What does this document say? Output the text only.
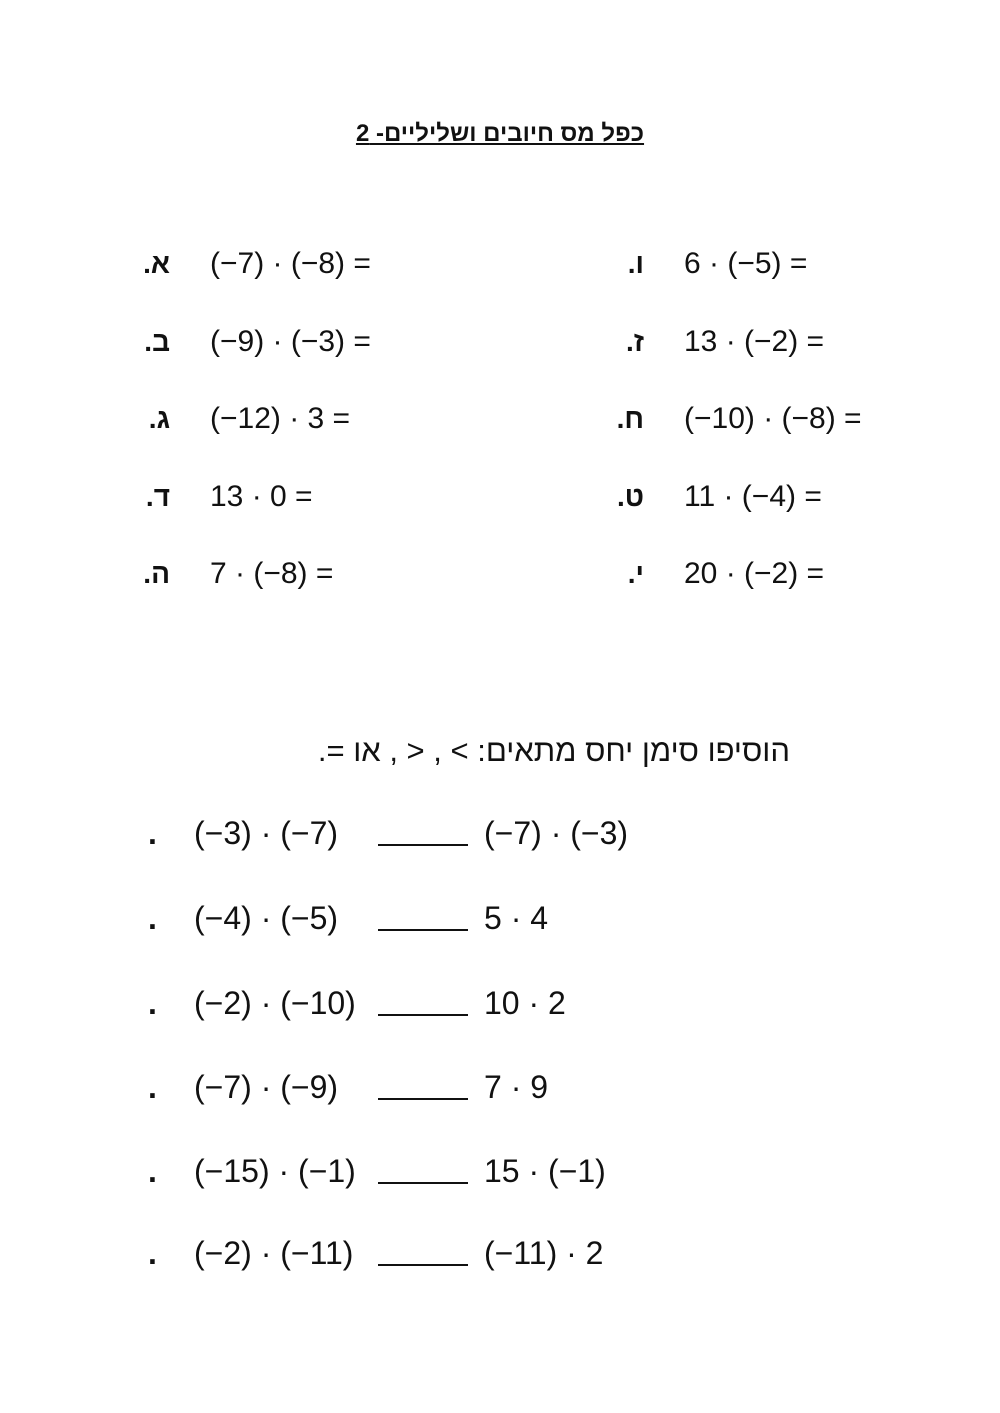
כפל מס חיובים ושליליים- 2
א. (−7) · (−8) =
ב. (−9) · (−3) =
ג. (−12) · 3 =
ד. 13 · 0 =
ה. 7 · (−8) =
ו. 6 · (−5) =
ז. 13 · (−2) =
ח. (−10) · (−8) =
ט. 11 · (−4) =
י. 20 · (−2) =
הוסיפו סימן יחס מתאים: > , < , או =.
. (−3) · (−7)	(−7) · (−3)
. (−4) · (−5)	5 · 4
. (−2) · (−10)	10 · 2
. (−7) · (−9)	7 · 9
. (−15) · (−1)	15 · (−1)
. (−2) · (−11)	(−11) · 2
